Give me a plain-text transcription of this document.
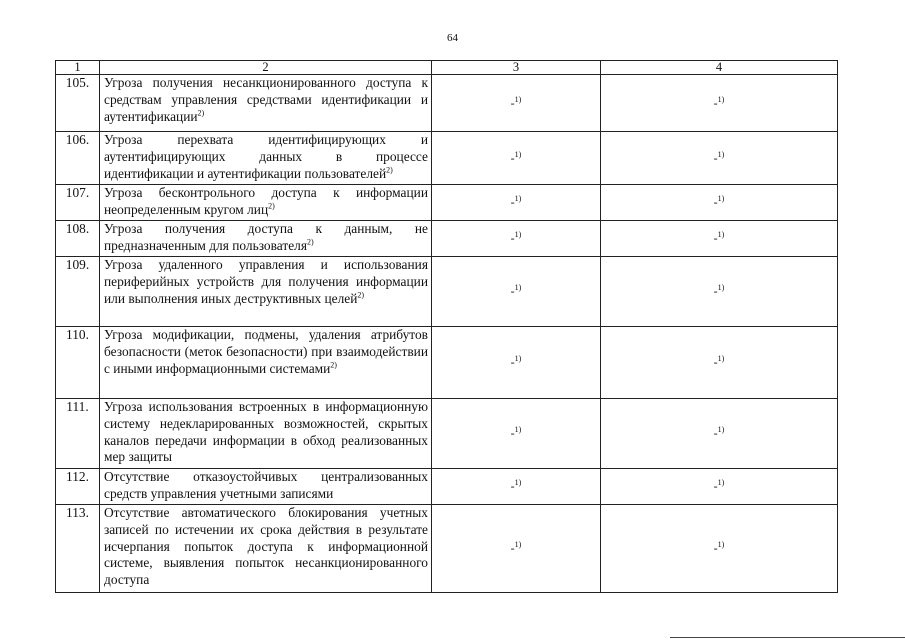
64
1	2	3	4
105.	Угроза получения несанкционированного доступа к средствам управления средствами идентификации и аутентификации$^{2)}$	-$^{1)}$	-$^{1)}$
106.	Угроза перехвата идентифицирующих и аутентифицирующих данных в процессе идентификации и аутентификации пользователей$^{2)}$	-$^{1)}$	-$^{1)}$
107.	Угроза бесконтрольного доступа к информации неопределенным кругом лиц$^{2)}$	-$^{1)}$	-$^{1)}$
108.	Угроза получения доступа к данным, не предназначенным для пользователя$^{2)}$	-$^{1)}$	-$^{1)}$
109.	Угроза удаленного управления и использования периферийных устройств для получения информации или выполнения иных деструктивных целей$^{2)}$	-$^{1)}$	-$^{1)}$
110.	Угроза модификации, подмены, удаления атрибутов безопасности (меток безопасности) при взаимодействии с иными информационными системами$^{2)}$	-$^{1)}$	-$^{1)}$
111.	Угроза использования встроенных в информационную систему недекларированных возможностей, скрытых каналов передачи информации в обход реализованных мер защиты	-$^{1)}$	-$^{1)}$
112.	Отсутствие отказоустойчивых централизованных средств управления учетными записями	-$^{1)}$	-$^{1)}$
113.	Отсутствие автоматического блокирования учетных записей по истечении их срока действия в результате исчерпания попыток доступа к информационной системе, выявления попыток несанкционированного доступа	-$^{1)}$	-$^{1)}$
